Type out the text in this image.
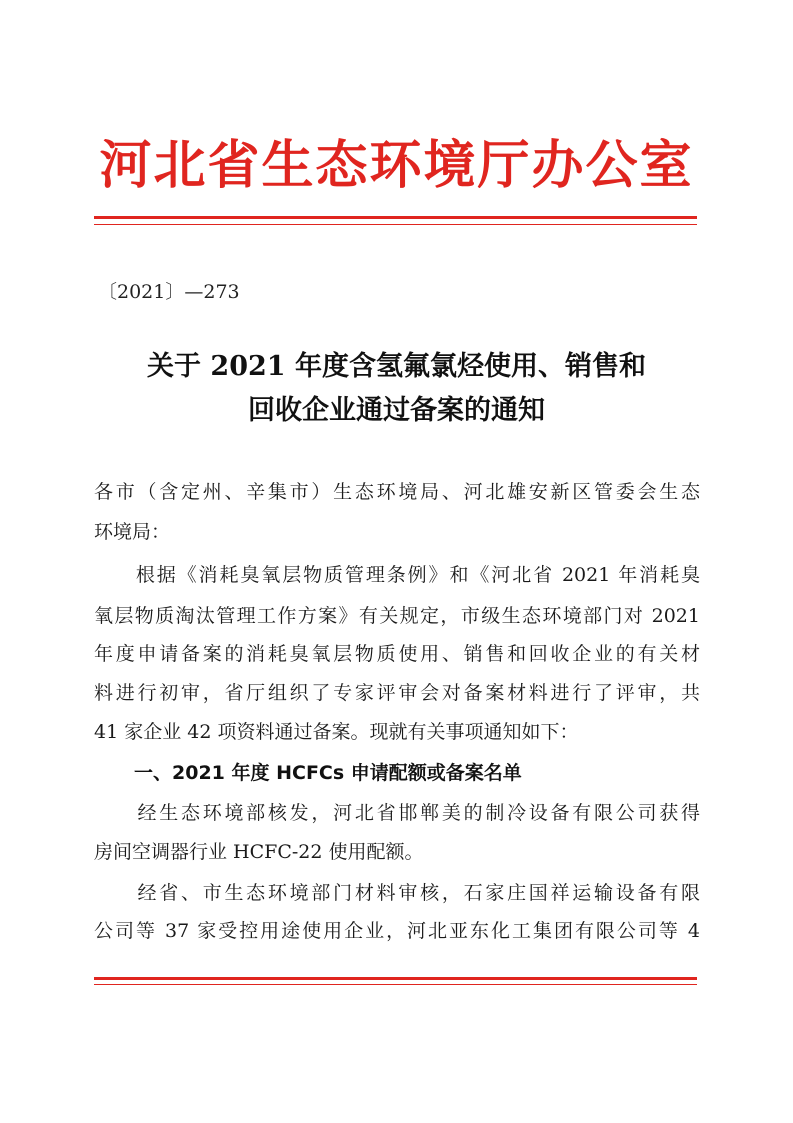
河北省生态环境厅办公室
〔2021〕—273
关于 2021 年度含氢氟氯烃使用、销售和
回收企业通过备案的通知
各市（含定州、辛集市）生态环境局、河北雄安新区管委会生态
环境局：
　　根据《消耗臭氧层物质管理条例》和《河北省 2021 年消耗臭
氧层物质淘汰管理工作方案》有关规定，市级生态环境部门对 2021
年度申请备案的消耗臭氧层物质使用、销售和回收企业的有关材
料进行初审，省厅组织了专家评审会对备案材料进行了评审，共
41 家企业 42 项资料通过备案。现就有关事项通知如下：
一、2021 年度 HCFCs 申请配额或备案名单
　　经生态环境部核发，河北省邯郸美的制冷设备有限公司获得
房间空调器行业 HCFC-22 使用配额。
　　经省、市生态环境部门材料审核，石家庄国祥运输设备有限
公司等 37 家受控用途使用企业，河北亚东化工集团有限公司等 4
